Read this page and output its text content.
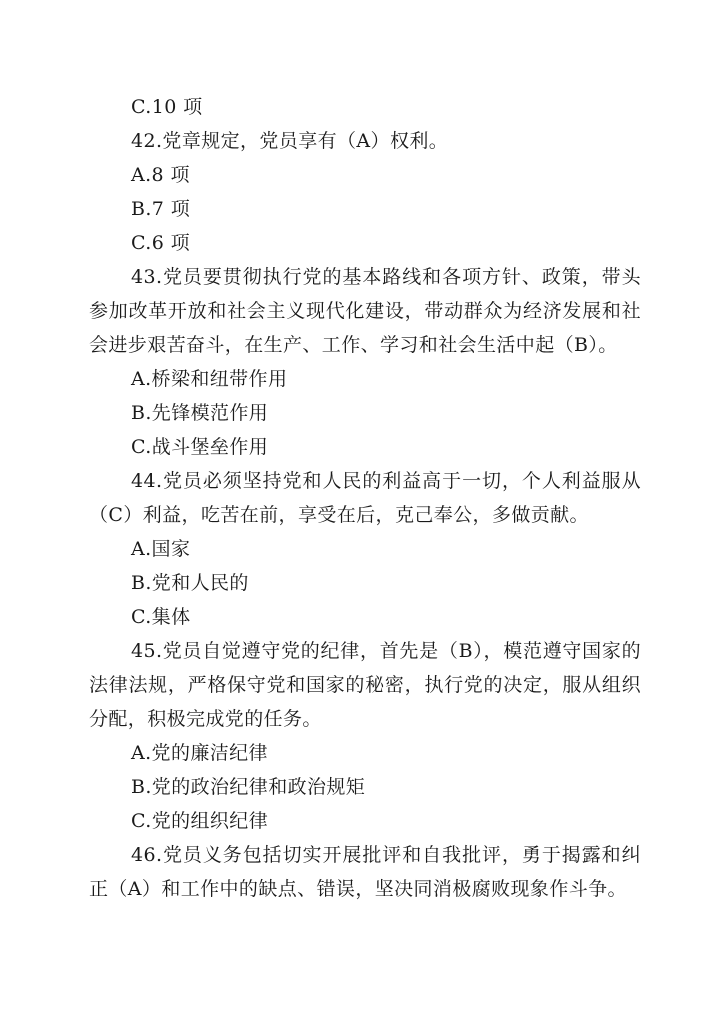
C.10 项

42.党章规定，党员享有（A）权利。

A.8 项

B.7 项

C.6 项

43.党员要贯彻执行党的基本路线和各项方针、政策，带头

参加改革开放和社会主义现代化建设，带动群众为经济发展和社

会进步艰苦奋斗，在生产、工作、学习和社会生活中起（B）。

A.桥梁和纽带作用

B.先锋模范作用

C.战斗堡垒作用

44.党员必须坚持党和人民的利益高于一切，个人利益服从

（C）利益，吃苦在前，享受在后，克己奉公，多做贡献。

A.国家

B.党和人民的

C.集体

45.党员自觉遵守党的纪律，首先是（B），模范遵守国家的

法律法规，严格保守党和国家的秘密，执行党的决定，服从组织

分配，积极完成党的任务。

A.党的廉洁纪律

B.党的政治纪律和政治规矩

C.党的组织纪律

46.党员义务包括切实开展批评和自我批评，勇于揭露和纠

正（A）和工作中的缺点、错误，坚决同消极腐败现象作斗争。
